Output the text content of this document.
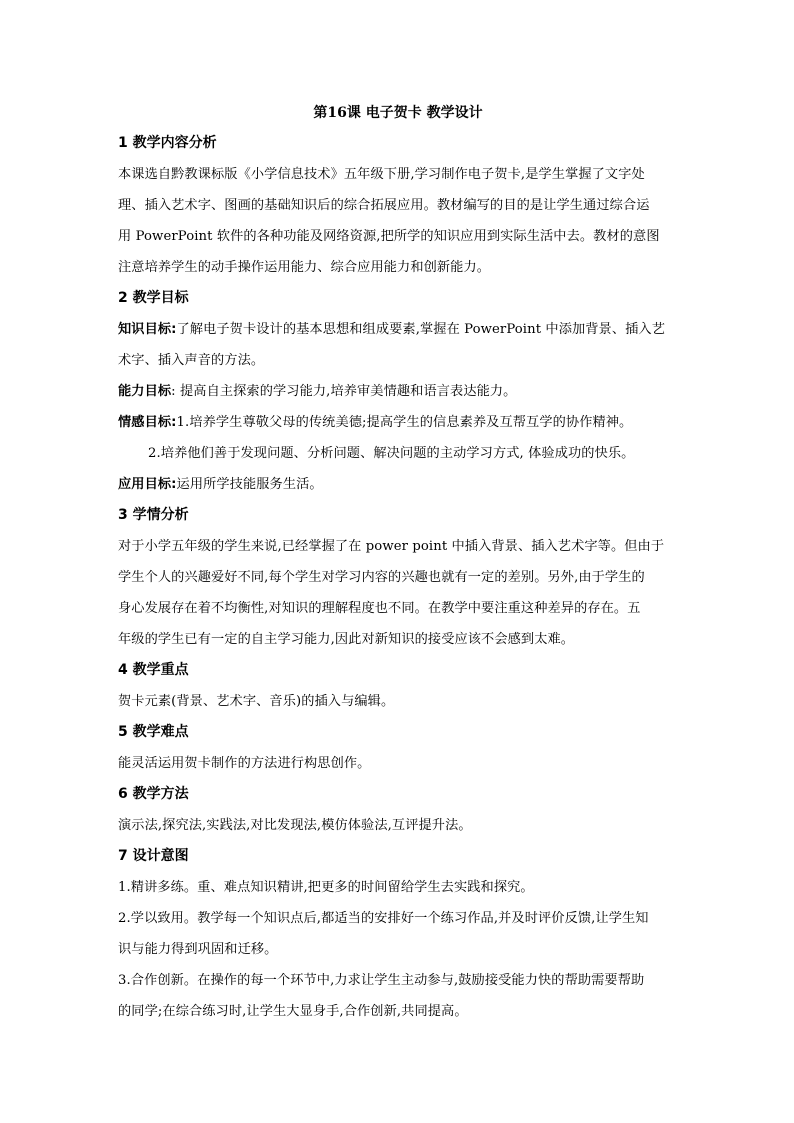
第16课 电子贺卡 教学设计

1 教学内容分析

本课选自黔教课标版《小学信息技术》五年级下册,学习制作电子贺卡,是学生掌握了文字处

理、插入艺术字、图画的基础知识后的综合拓展应用。教材编写的目的是让学生通过综合运

用 PowerPoint 软件的各种功能及网络资源,把所学的知识应用到实际生活中去。教材的意图

注意培养学生的动手操作运用能力、综合应用能力和创新能力。

2 教学目标

知识目标:了解电子贺卡设计的基本思想和组成要素,掌握在 PowerPoint 中添加背景、插入艺

术字、插入声音的方法。

能力目标: 提高自主探索的学习能力,培养审美情趣和语言表达能力。

情感目标:1.培养学生尊敬父母的传统美德;提高学生的信息素养及互帮互学的协作精神。

2.培养他们善于发现问题、分析问题、解决问题的主动学习方式, 体验成功的快乐。

应用目标:运用所学技能服务生活。

3 学情分析

对于小学五年级的学生来说,已经掌握了在 power point 中插入背景、插入艺术字等。但由于

学生个人的兴趣爱好不同,每个学生对学习内容的兴趣也就有一定的差别。另外,由于学生的

身心发展存在着不均衡性,对知识的理解程度也不同。在教学中要注重这种差异的存在。五

年级的学生已有一定的自主学习能力,因此对新知识的接受应该不会感到太难。

4 教学重点

贺卡元素(背景、艺术字、音乐)的插入与编辑。

5 教学难点

能灵活运用贺卡制作的方法进行构思创作。

6 教学方法

演示法,探究法,实践法,对比发现法,模仿体验法,互评提升法。

7 设计意图

1.精讲多练。重、难点知识精讲,把更多的时间留给学生去实践和探究。

2.学以致用。教学每一个知识点后,都适当的安排好一个练习作品,并及时评价反馈,让学生知

识与能力得到巩固和迁移。

3.合作创新。在操作的每一个环节中,力求让学生主动参与,鼓励接受能力快的帮助需要帮助

的同学;在综合练习时,让学生大显身手,合作创新,共同提高。
